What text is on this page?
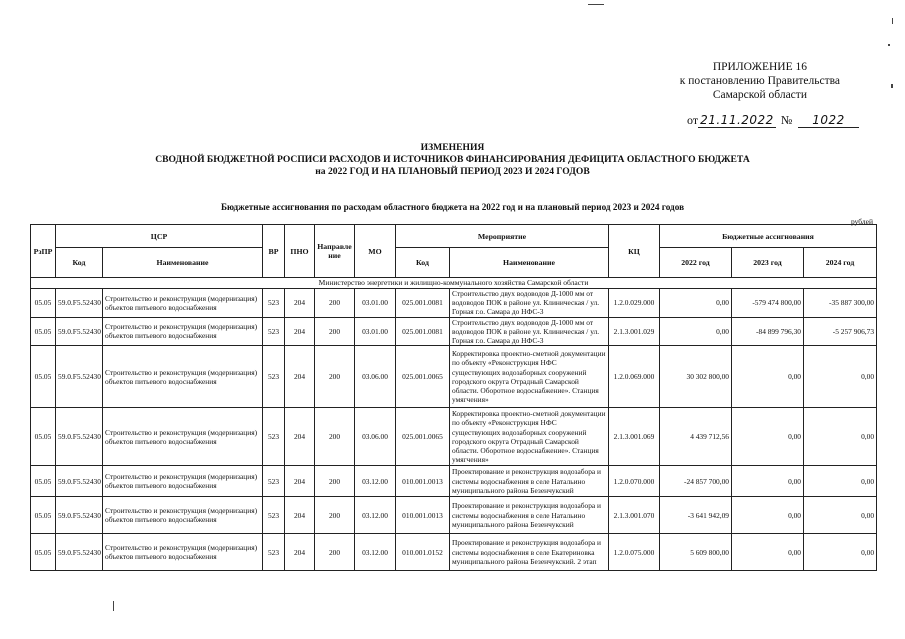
ПРИЛОЖЕНИЕ 16
к постановлению Правительства
Самарской области
от 21.11.2022 № 1022
ИЗМЕНЕНИЯ
СВОДНОЙ БЮДЖЕТНОЙ РОСПИСИ РАСХОДОВ И ИСТОЧНИКОВ ФИНАНСИРОВАНИЯ ДЕФИЦИТА ОБЛАСТНОГО БЮДЖЕТА
на 2022 ГОД И НА ПЛАНОВЫЙ ПЕРИОД 2023 И 2024 ГОДОВ
Бюджетные ассигнования по расходам областного бюджета на 2022 год и на плановый период 2023 и 2024 годов
рублей
РзПР	ЦСР		ВР	ПНО	Направле ние	МО	Мероприятие		КЦ	Бюджетные ассигнования		
	Код	Наименование					Код	Наименование		2022 год	2023 год	2024 год
Министерство энергетики и жилищно-коммунального хозяйства Самарской области												
05.05	59.0.F5.52430	Строительство и реконструкция (модернизация) объектов питьевого водоснабжения	523	204	200	03.01.00	025.001.0081	Строительство двух водоводов Д-1000 мм от водоводов ПОК в районе ул. Клиническая / ул. Горная г.о. Самара до НФС-3	1.2.0.029.000	0,00	-579 474 800,00	-35 887 300,00
05.05	59.0.F5.52430	Строительство и реконструкция (модернизация) объектов питьевого водоснабжения	523	204	200	03.01.00	025.001.0081	Строительство двух водоводов Д-1000 мм от водоводов ПОК в районе ул. Клиническая / ул. Горная г.о. Самара до НФС-3	2.1.3.001.029	0,00	-84 899 796,30	-5 257 906,73
05.05	59.0.F5.52430	Строительство и реконструкция (модернизация) объектов питьевого водоснабжения	523	204	200	03.06.00	025.001.0065	Корректировка проектно-сметной документации по объекту «Реконструкция НФС существующих водозаборных сооружений городского округа Отрадный Самарской области. Оборотное водоснабжение». Станция умягчения»	1.2.0.069.000	30 302 800,00	0,00	0,00
05.05	59.0.F5.52430	Строительство и реконструкция (модернизация) объектов питьевого водоснабжения	523	204	200	03.06.00	025.001.0065	Корректировка проектно-сметной документации по объекту «Реконструкция НФС существующих водозаборных сооружений городского округа Отрадный Самарской области. Оборотное водоснабжение». Станция умягчения»	2.1.3.001.069	4 439 712,56	0,00	0,00
05.05	59.0.F5.52430	Строительство и реконструкция (модернизация) объектов питьевого водоснабжения	523	204	200	03.12.00	010.001.0013	Проектирование и реконструкция водозабора и системы водоснабжения в селе Натальино муниципального района Безенчукский	1.2.0.070.000	-24 857 700,00	0,00	0,00
05.05	59.0.F5.52430	Строительство и реконструкция (модернизация) объектов питьевого водоснабжения	523	204	200	03.12.00	010.001.0013	Проектирование и реконструкция водозабора и системы водоснабжения в селе Натальино муниципального района Безенчукский	2.1.3.001.070	-3 641 942,09	0,00	0,00
05.05	59.0.F5.52430	Строительство и реконструкция (модернизация) объектов питьевого водоснабжения	523	204	200	03.12.00	010.001.0152	Проектирование и реконструкция водозабора и системы водоснабжения в селе Екатериновка муниципального района Безенчукский. 2 этап	1.2.0.075.000	5 609 800,00	0,00	0,00
